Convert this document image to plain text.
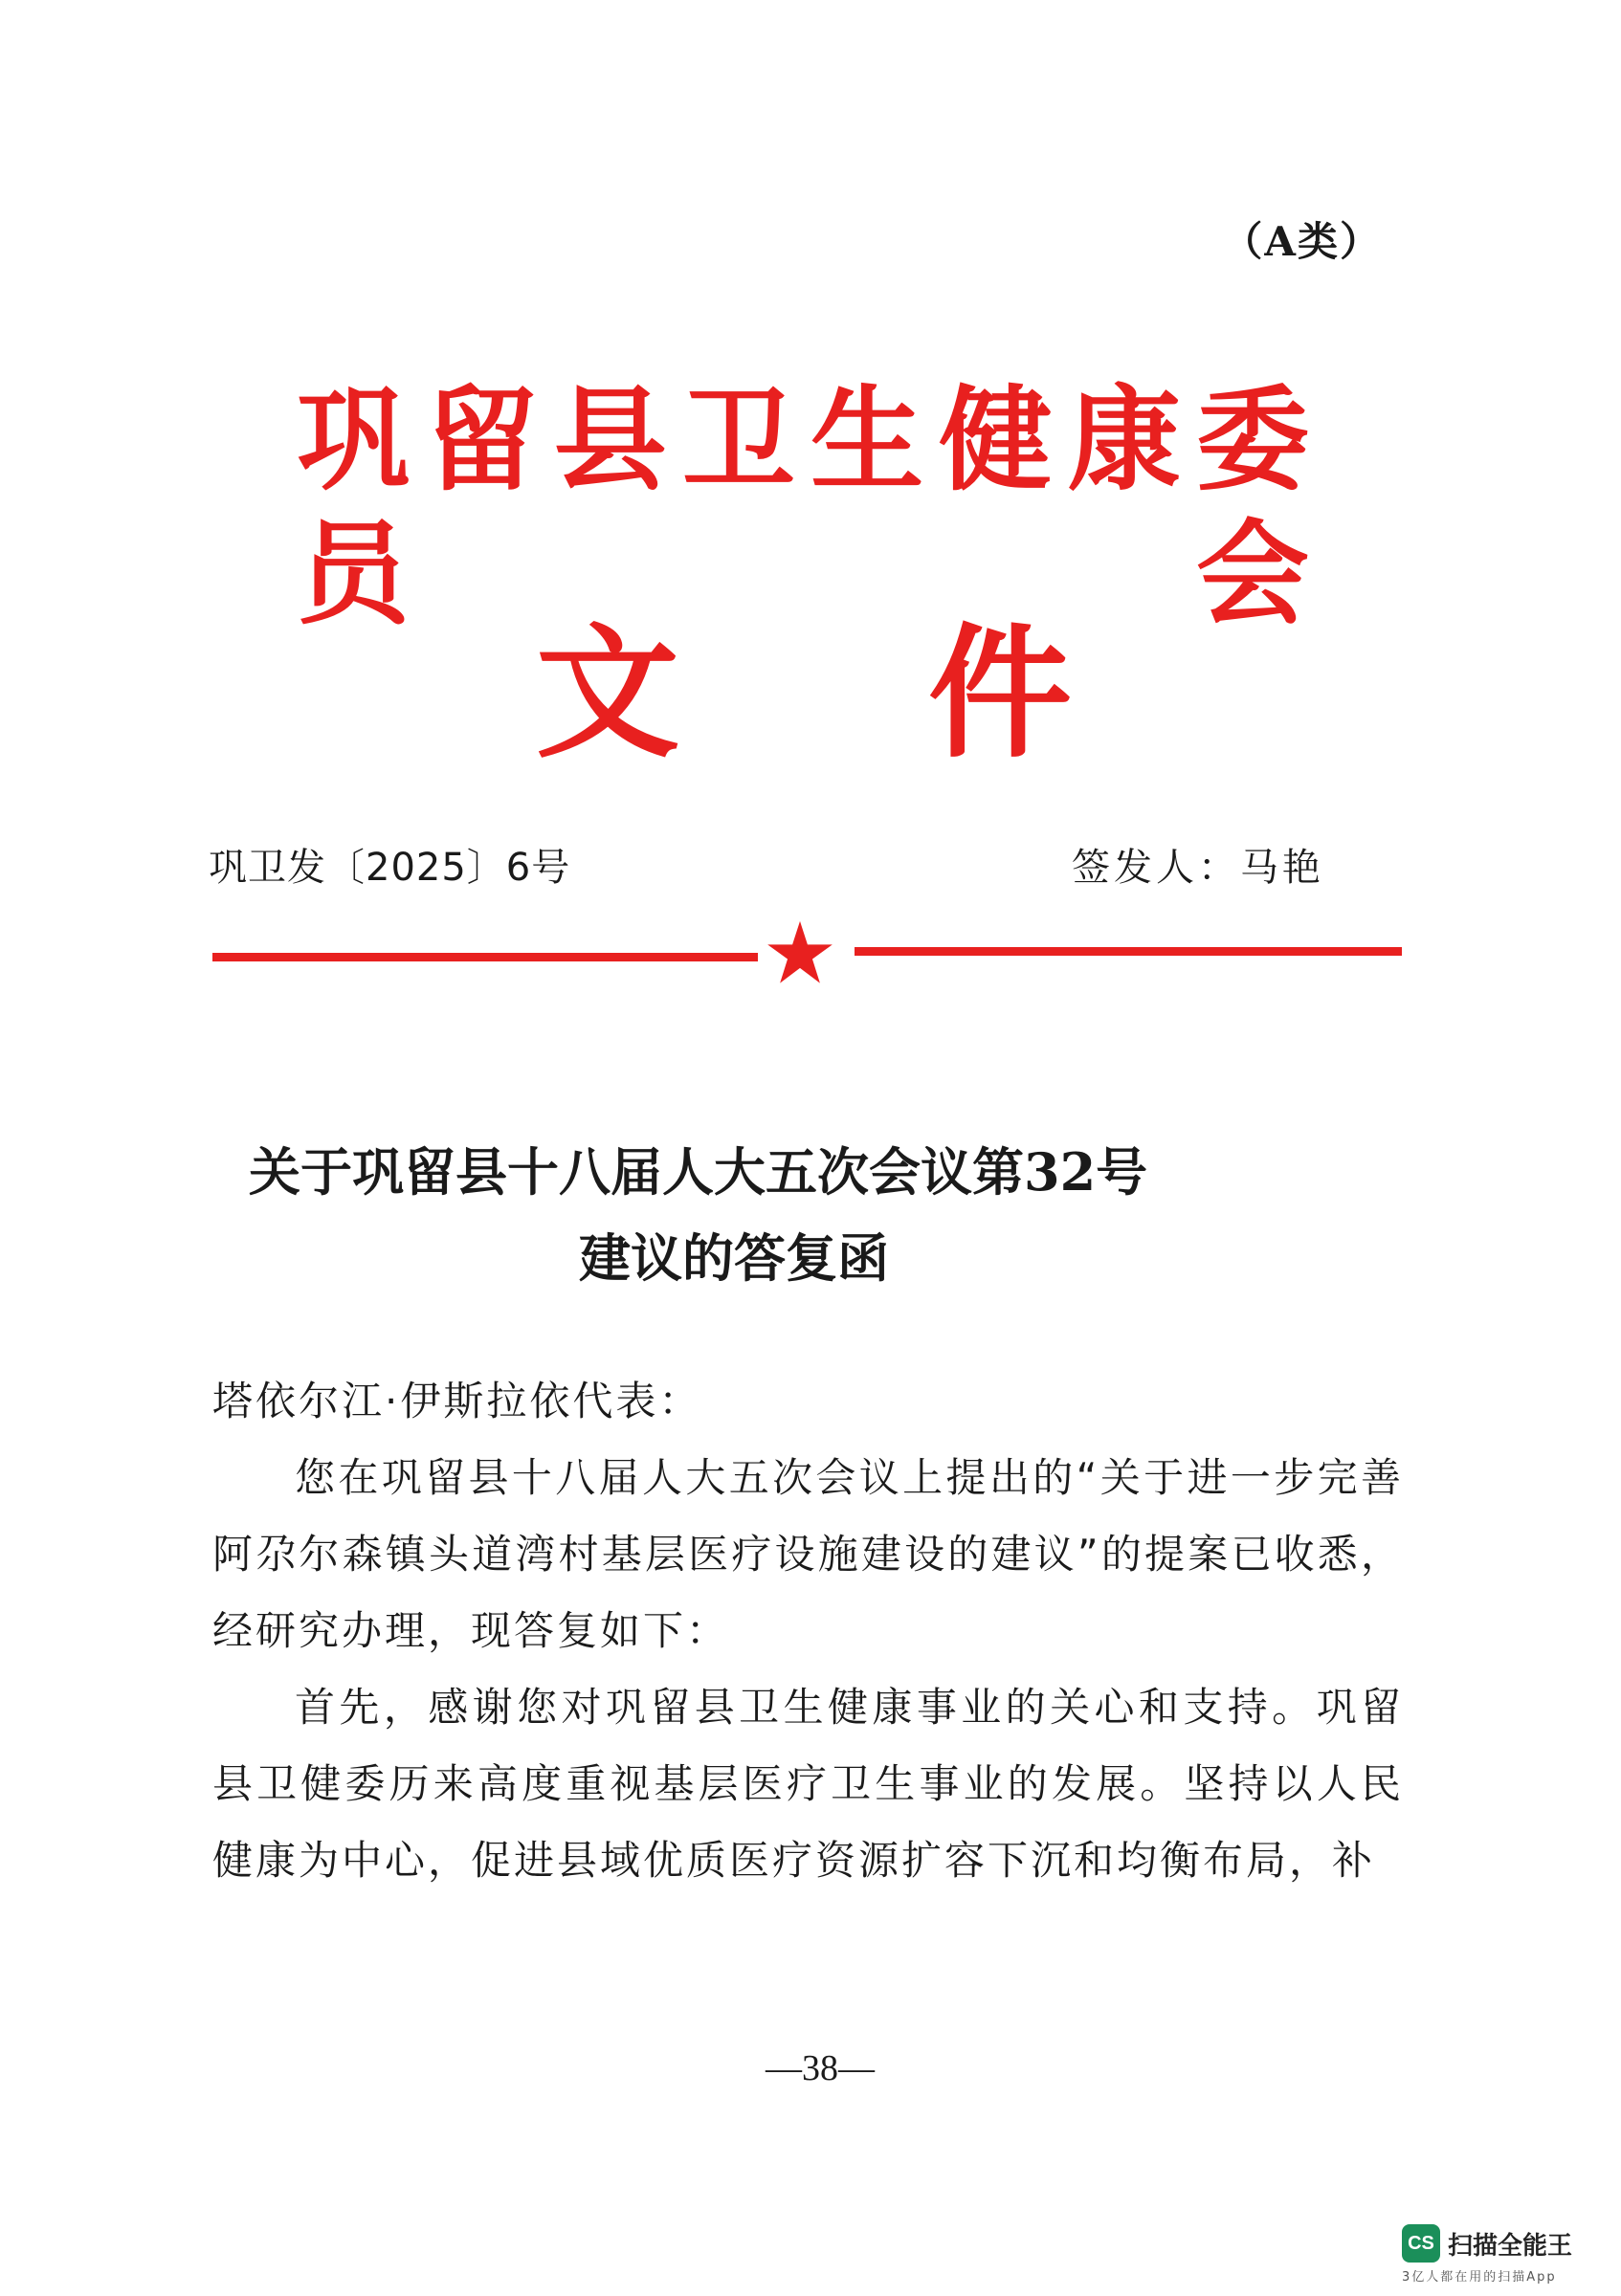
（A类）
巩留县卫生健康委员会
文 件
巩卫发〔2025〕6号	签发人：马艳
关于巩留县十八届人大五次会议第32号
建议的答复函
塔依尔江·伊斯拉依代表：
您在巩留县十八届人大五次会议上提出的“关于进一步完善阿尕尔森镇头道湾村基层医疗设施建设的建议”的提案已收悉，经研究办理，现答复如下：
首先，感谢您对巩留县卫生健康事业的关心和支持。巩留县卫健委历来高度重视基层医疗卫生事业的发展。坚持以人民健康为中心，促进县域优质医疗资源扩容下沉和均衡布局，补
—38—
CS 扫描全能王
3亿人都在用的扫描App
